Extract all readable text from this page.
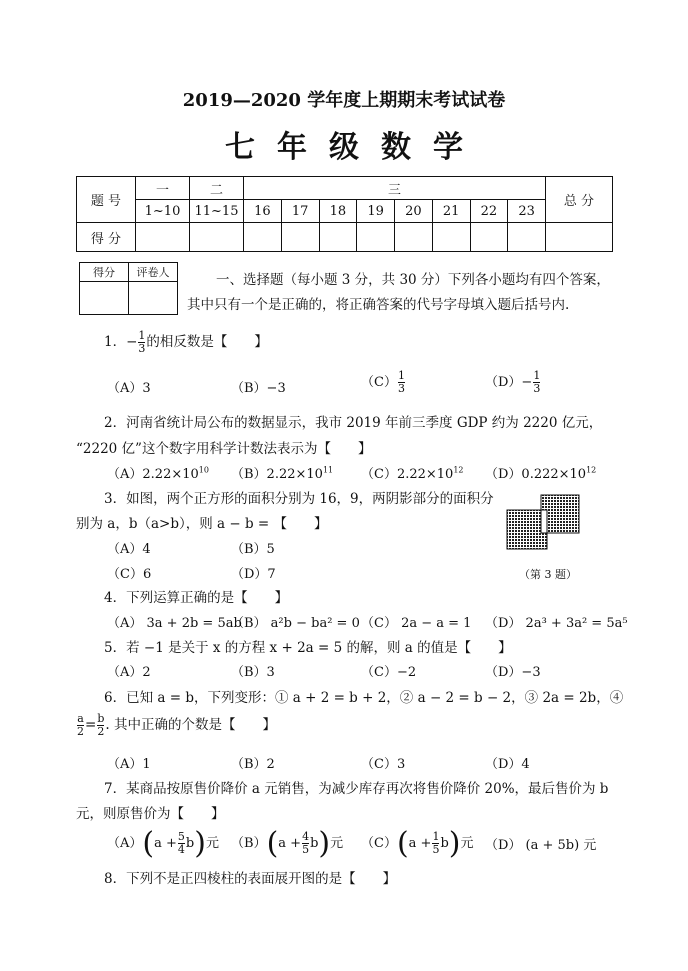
2019—2020 学年度上期期末考试试卷
七年级数学
题 号	一	二	三								总 分
	1~10	11~15	16	17	18	19	20	21	22	23	
得 分											
得分	评卷人
		一、选择题（每小题 3 分，共 30 分）下列各小题均有四个答案，
其中只有一个是正确的，将正确答案的代号字母填入题后括号内.
1．− $\frac{1}{3}$ 的相反数是【　　】
（A）3	（B）−3	$(C) \frac{1}{3}$	$(D)- \frac{1}{3}$
2．河南省统计局公布的数据显示，我市 2019 年前三季度 GDP 约为 2220 亿元，
“2220 亿”这个数字用科学计数法表示为【　　】
$(A)2.22\times 10^{10}$ $(B)2.22\times 10^{11}$ $(C)2.22\times 10^{12}$ $(D)0.222\times 10^{12}$
3．如图，两个正方形的面积分别为 16，9，两阴影部分的面积分
别为 a，b（a>b），则 a − b = 【　　】
（A）4	（B）5
（C）6	（D）7	（第 3 题）
4．下列运算正确的是【　　】
（A） 3a + 2b = 5ab
（B） a²b − ba² = 0 （C） 2a − a = 1 （D） 2a³ + 3a² = 5a⁵
5．若 −1 是关于 x 的方程 x + 2a = 5 的解，则 a 的值是【　　】
（A）2	（B）3	（C）−2	（D）−3
6．已知 a = b，下列变形：① a + 2 = b + 2，② a − 2 = b − 2，③ 2a = 2b，④
$\frac{a}{2} = \frac{b}{2}$ . 其中正确的个数是【　　】
（A）1	（B）2	（C）3	（D）4
7．某商品按原售价降价 a 元销售，为减少库存再次将售价降价 20%，最后售价为 b
元，则原售价为【　　】
$(A)(a + \frac{5}{4} b)$元 $(B)(a + \frac{4}{5} b)$元 $(C)(a + \frac{1}{5} b)$元 （D） (a + 5b) 元
8．下列不是正四棱柱的表面展开图的是【　　】
